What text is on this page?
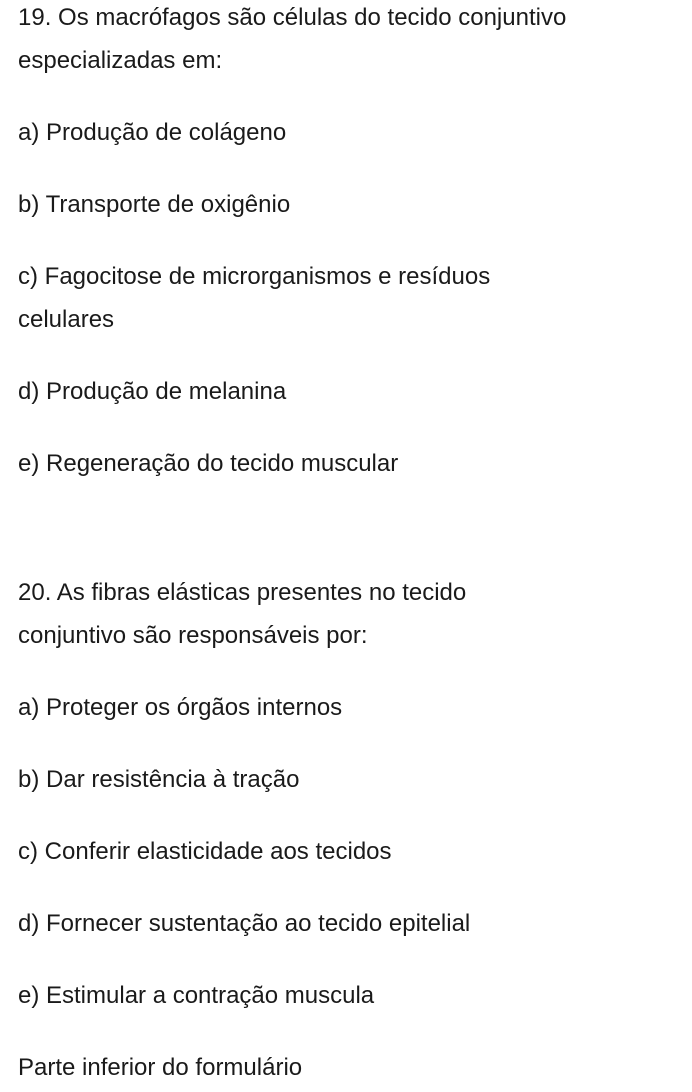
19. Os macrófagos são células do tecido conjuntivo especializadas em:

a) Produção de colágeno

b) Transporte de oxigênio

c) Fagocitose de microrganismos e resíduos celulares

d) Produção de melanina

e) Regeneração do tecido muscular

20. As fibras elásticas presentes no tecido conjuntivo são responsáveis por:

a) Proteger os órgãos internos

b) Dar resistência à tração

c) Conferir elasticidade aos tecidos

d) Fornecer sustentação ao tecido epitelial

e) Estimular a contração muscula

Parte inferior do formulário
